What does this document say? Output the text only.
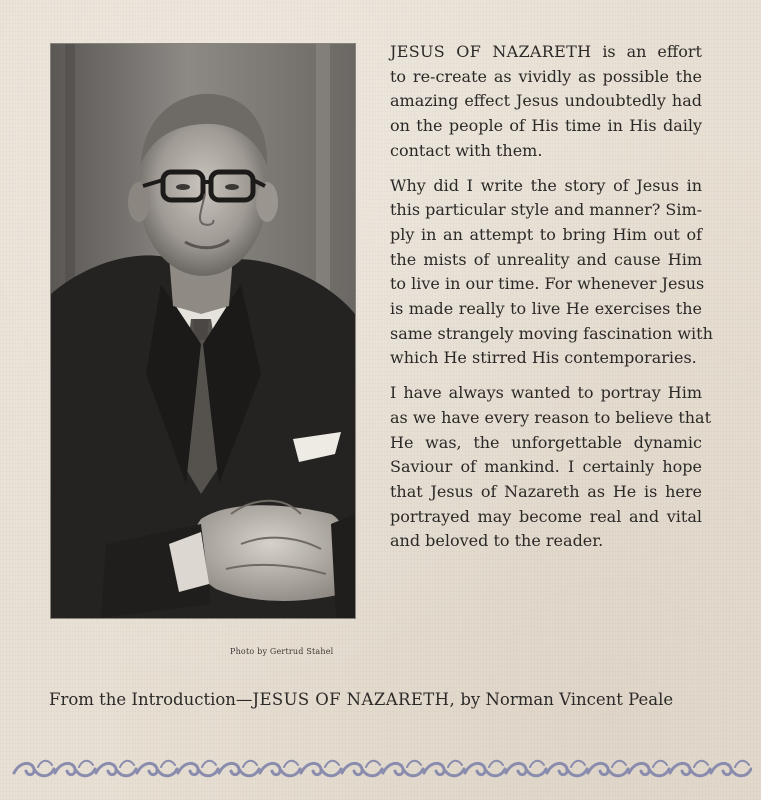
Photo by Gertrud Stahel

JESUS OF NAZARETH is an effort
to re-create as vividly as possible the
amazing effect Jesus undoubtedly had
on the people of His time in His daily
contact with them.

Why did I write the story of Jesus in
this particular style and manner? Sim-
ply in an attempt to bring Him out of
the mists of unreality and cause Him
to live in our time. For whenever Jesus
is made really to live He exercises the
same strangely moving fascination with
which He stirred His contemporaries.

I have always wanted to portray Him
as we have every reason to believe that
He was, the unforgettable dynamic
Saviour of mankind. I certainly hope
that Jesus of Nazareth as He is here
portrayed may become real and vital
and beloved to the reader.

From the Introduction—JESUS OF NAZARETH, by Norman Vincent Peale
